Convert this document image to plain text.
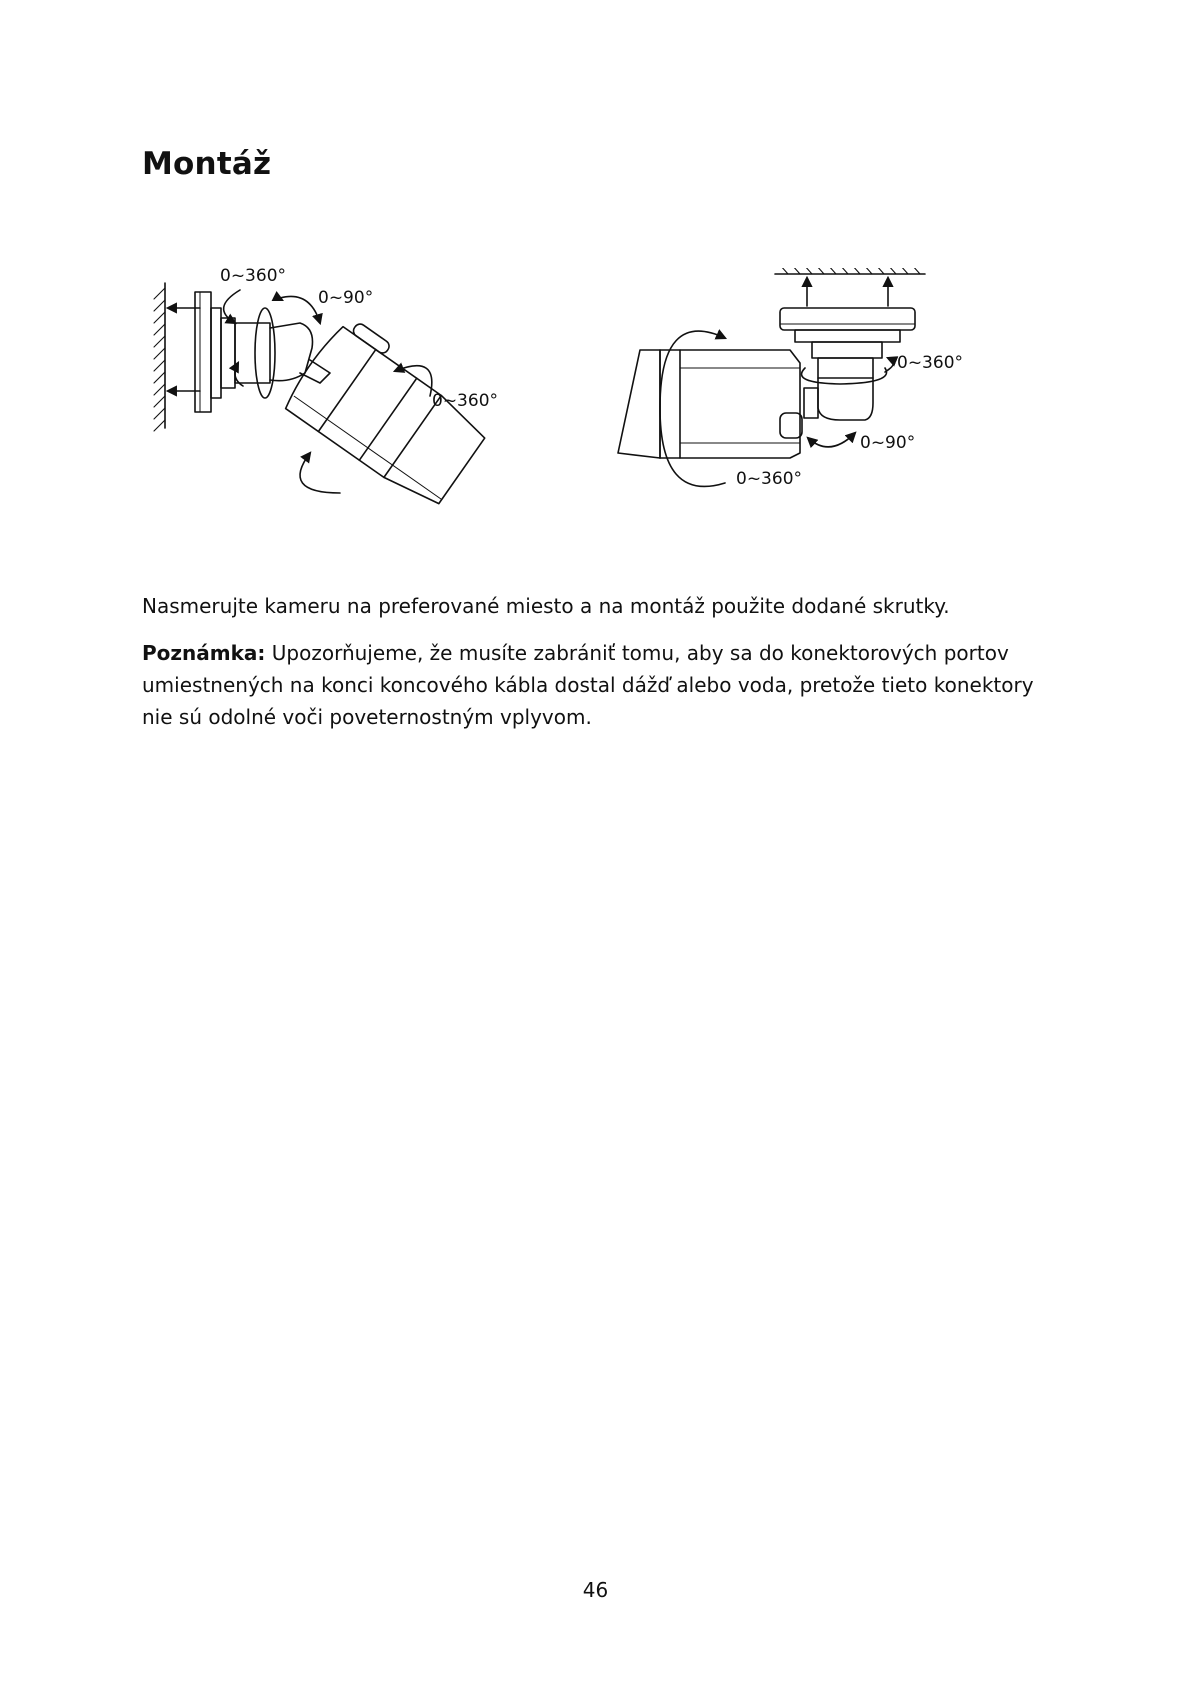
Montáž
0~360°
0~90°
0~360°
0~360°
0~90°
0~360°

Nasmerujte kameru na preferované miesto a na montáž použite dodané skrutky.

Poznámka: Upozorňujeme, že musíte zabrániť tomu, aby sa do konektorových portov umiestnených na konci koncového kábla dostal dážď alebo voda, pretože tieto konektory nie sú odolné voči poveternostným vplyvom.

46
